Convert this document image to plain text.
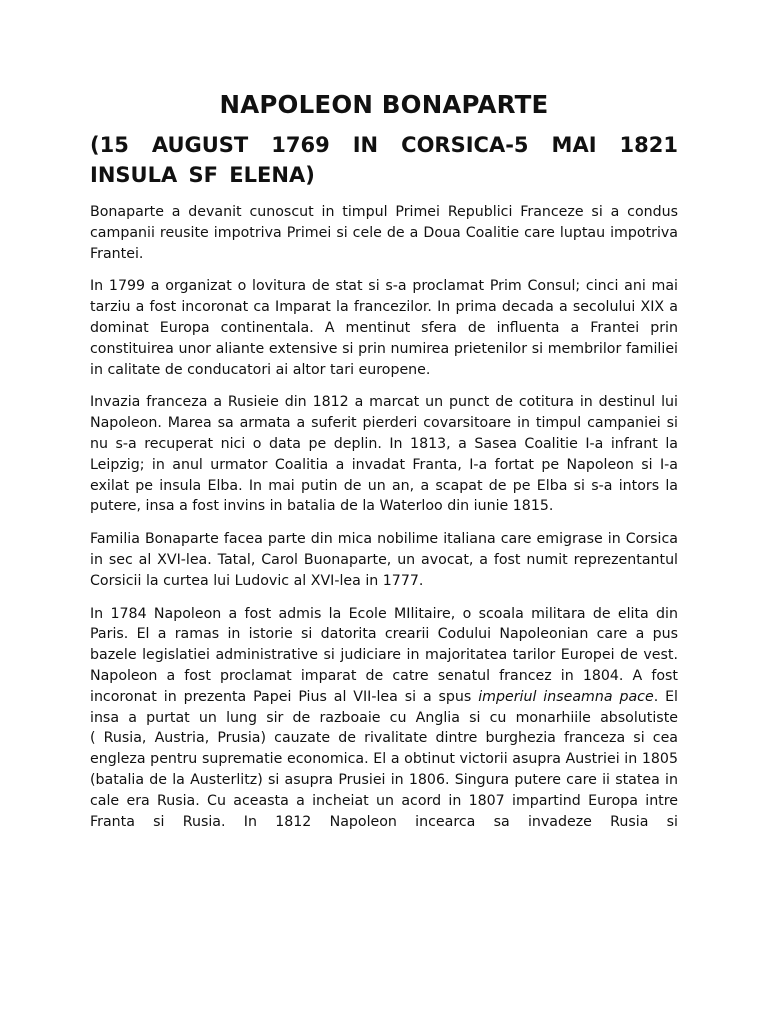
NAPOLEON BONAPARTE
(15 AUGUST 1769 IN CORSICA-5 MAI 1821 INSULA SF ELENA)

Bonaparte a devanit cunoscut in timpul Primei Republici Franceze si a condus campanii reusite impotriva Primei si cele de a Doua Coalitie care luptau impotriva Frantei.

In 1799 a organizat o lovitura de stat si s-a proclamat Prim Consul; cinci ani mai tarziu a fost incoronat ca Imparat la francezilor. In prima decada a secolului XIX a dominat Europa continentala. A mentinut sfera de influenta a Frantei prin constituirea unor aliante extensive si prin numirea prietenilor si membrilor familiei in calitate de conducatori ai altor tari europene.

Invazia franceza a Rusieie din 1812 a marcat un punct de cotitura in destinul lui Napoleon. Marea sa armata a suferit pierderi covarsitoare in timpul campaniei si nu s-a recuperat nici o data pe deplin. In 1813, a Sasea Coalitie I-a infrant la Leipzig; in anul urmator Coalitia a invadat Franta, I-a fortat pe Napoleon si I-a exilat pe insula Elba. In mai putin de un an, a scapat de pe Elba si s-a intors la putere, insa a fost invins in batalia de la Waterloo din iunie 1815.

Familia Bonaparte facea parte din mica nobilime italiana care emigrase in Corsica in sec al XVI-lea. Tatal, Carol Buonaparte, un avocat, a fost numit reprezentantul Corsicii la curtea lui Ludovic al XVI-lea in 1777.

In 1784 Napoleon a fost admis la Ecole MIlitaire, o scoala militara de elita din Paris. El a ramas in istorie si datorita crearii Codului Napoleonian care a pus bazele legislatiei administrative si judiciare in majoritatea tarilor Europei de vest. Napoleon a fost proclamat imparat de catre senatul francez in 1804. A fost incoronat in prezenta Papei Pius al VII-lea si a spus imperiul inseamna pace. El insa a purtat un lung sir de razboaie cu Anglia si cu monarhiile absolutiste
( Rusia, Austria, Prusia) cauzate de rivalitate dintre burghezia franceza si cea engleza pentru suprematie economica. El a obtinut victorii asupra Austriei in 1805 (batalia de la Austerlitz) si asupra Prusiei in 1806. Singura putere care ii statea in cale era Rusia. Cu aceasta a incheiat un acord in 1807 impartind Europa intre Franta si Rusia. In 1812 Napoleon incearca sa invadeze Rusia si
